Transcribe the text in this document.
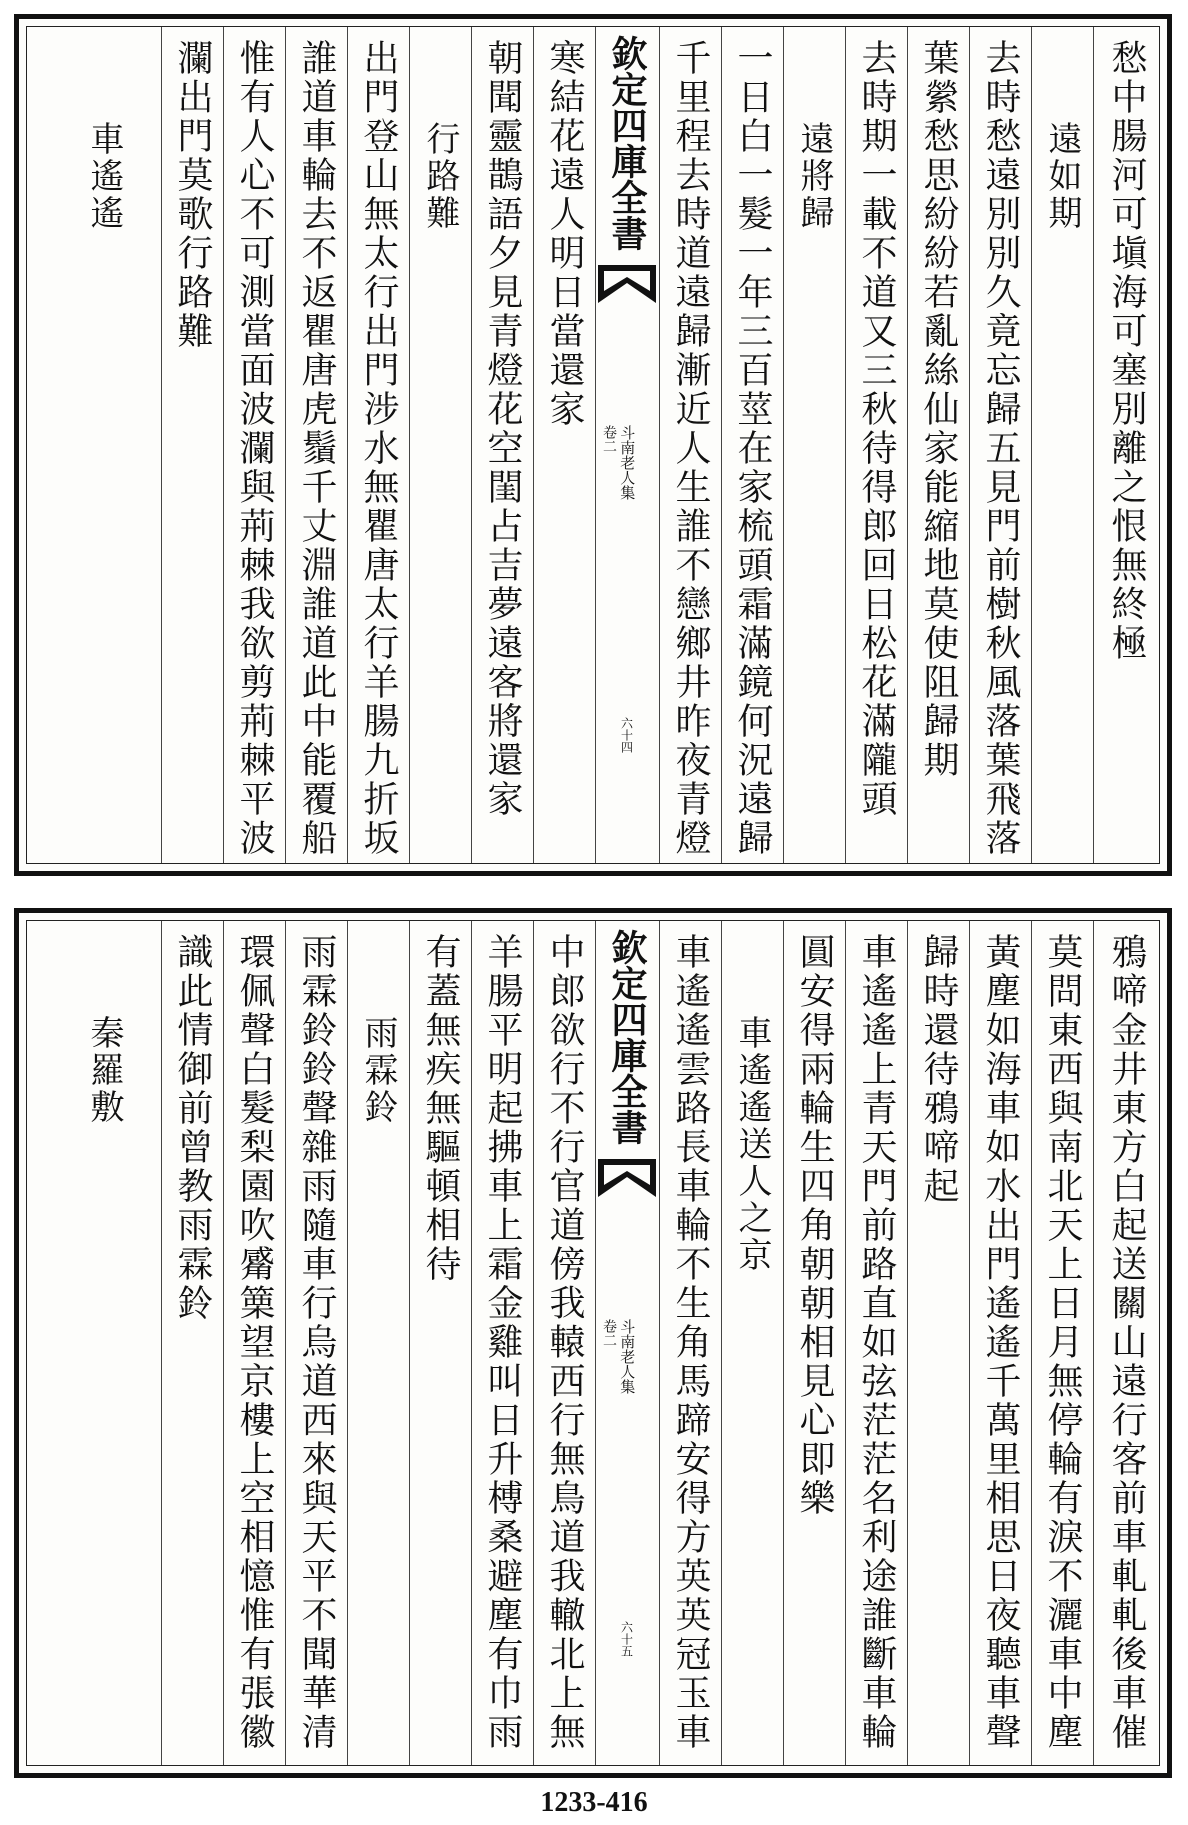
愁中腸河可塡海可塞別離之恨無終極
遠如期
去時愁遠別別久竟忘歸五見門前樹秋風落葉飛落
葉縈愁思紛紛若亂絲仙家能縮地莫使阻歸期
去時期一載不道又三秋待得郎回日松花滿隴頭
遠將歸
一日白一髮一年三百莖在家梳頭霜滿鏡何況遠歸
千里程去時道遠歸漸近人生誰不戀鄉井昨夜青燈
欽定四庫全書
斗南老人集
卷二
六十四
寒結花遠人明日當還家
朝聞靈鵲語夕見青燈花空閨占吉夢遠客將還家
行路難
出門登山無太行出門涉水無瞿唐太行羊腸九折坂
誰道車輪去不返瞿唐虎鬚千丈淵誰道此中能覆船
惟有人心不可測當面波瀾與荊棘我欲剪荊棘平波
瀾出門莫歌行路難
車遙遙
鴉啼金井東方白起送關山遠行客前車軋軋後車催
莫問東西與南北天上日月無停輪有淚不灑車中塵
黃塵如海車如水出門遙遙千萬里相思日夜聽車聲
歸時還待鴉啼起
車遙遙上青天門前路直如弦茫茫名利途誰斷車輪
圓安得兩輪生四角朝朝相見心即樂
車遙遙送人之京
車遙遙雲路長車輪不生角馬蹄安得方英英冠玉車
欽定四庫全書
斗南老人集
卷二
六十五
中郎欲行不行官道傍我轅西行無鳥道我轍北上無
羊腸平明起拂車上霜金雞叫日升榑桑避塵有巾雨
有蓋無疾無驅頓相待
雨霖鈴
雨霖鈴鈴聲雜雨隨車行烏道西來與天平不聞華清
環佩聲白髮梨園吹觱篥望京樓上空相憶惟有張徽
識此情御前曾教雨霖鈴
秦羅敷
1233-416
